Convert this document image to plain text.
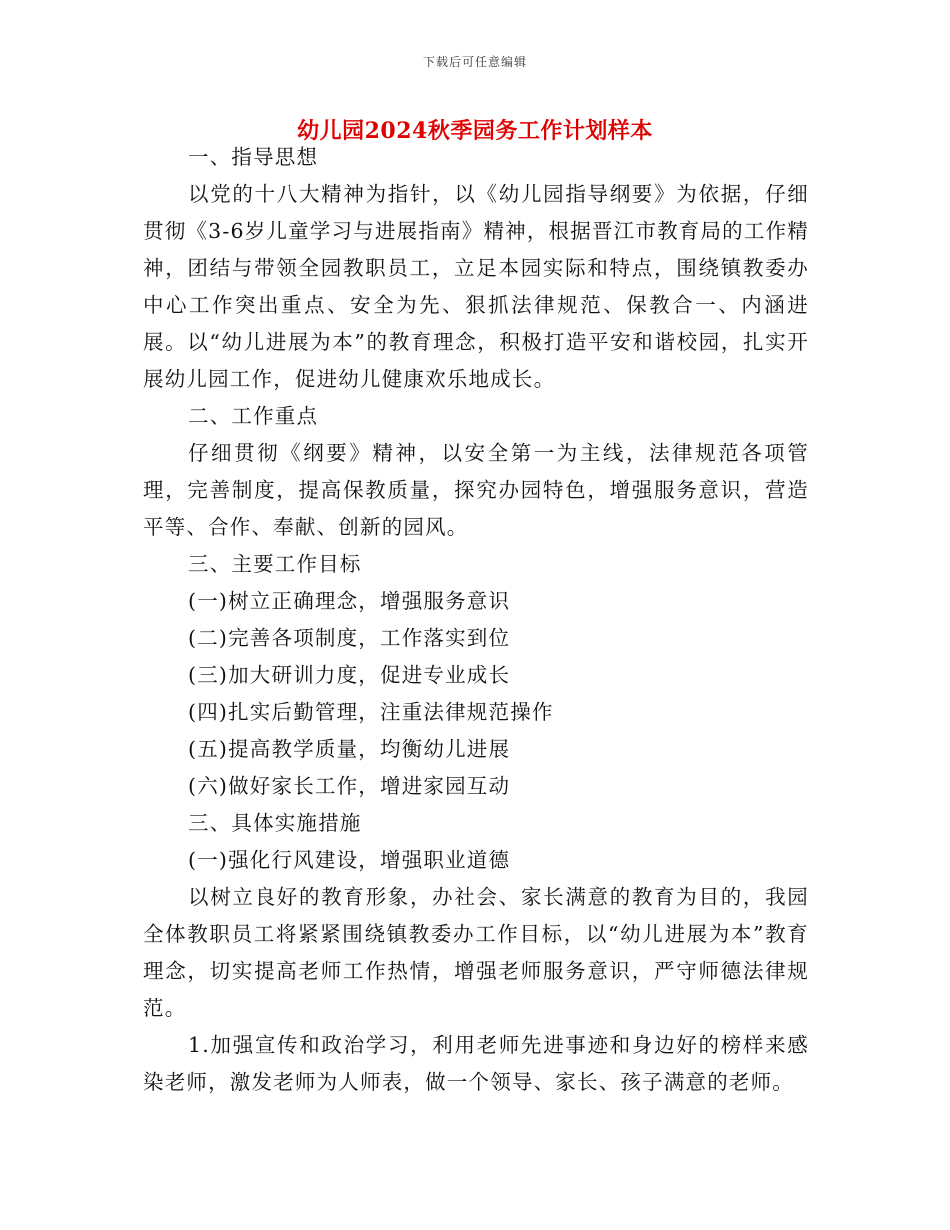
下载后可任意编辑
幼儿园2024秋季园务工作计划样本

一、指导思想

以党的十八大精神为指针，以《幼儿园指导纲要》为依据，仔细贯彻《3-6岁儿童学习与进展指南》精神，根据晋江市教育局的工作精神，团结与带领全园教职员工，立足本园实际和特点，围绕镇教委办中心工作突出重点、安全为先、狠抓法律规范、保教合一、内涵进展。以“幼儿进展为本”的教育理念，积极打造平安和谐校园，扎实开展幼儿园工作，促进幼儿健康欢乐地成长。

二、工作重点

仔细贯彻《纲要》精神，以安全第一为主线，法律规范各项管理，完善制度，提高保教质量，探究办园特色，增强服务意识，营造平等、合作、奉献、创新的园风。

三、主要工作目标

(一)树立正确理念，增强服务意识

(二)完善各项制度，工作落实到位

(三)加大研训力度，促进专业成长

(四)扎实后勤管理，注重法律规范操作

(五)提高教学质量，均衡幼儿进展

(六)做好家长工作，增进家园互动

三、具体实施措施

(一)强化行风建设，增强职业道德

以树立良好的教育形象，办社会、家长满意的教育为目的，我园全体教职员工将紧紧围绕镇教委办工作目标，以“幼儿进展为本”教育理念，切实提高老师工作热情，增强老师服务意识，严守师德法律规范。

1.加强宣传和政治学习，利用老师先进事迹和身边好的榜样来感染老师，激发老师为人师表，做一个领导、家长、孩子满意的老师。
